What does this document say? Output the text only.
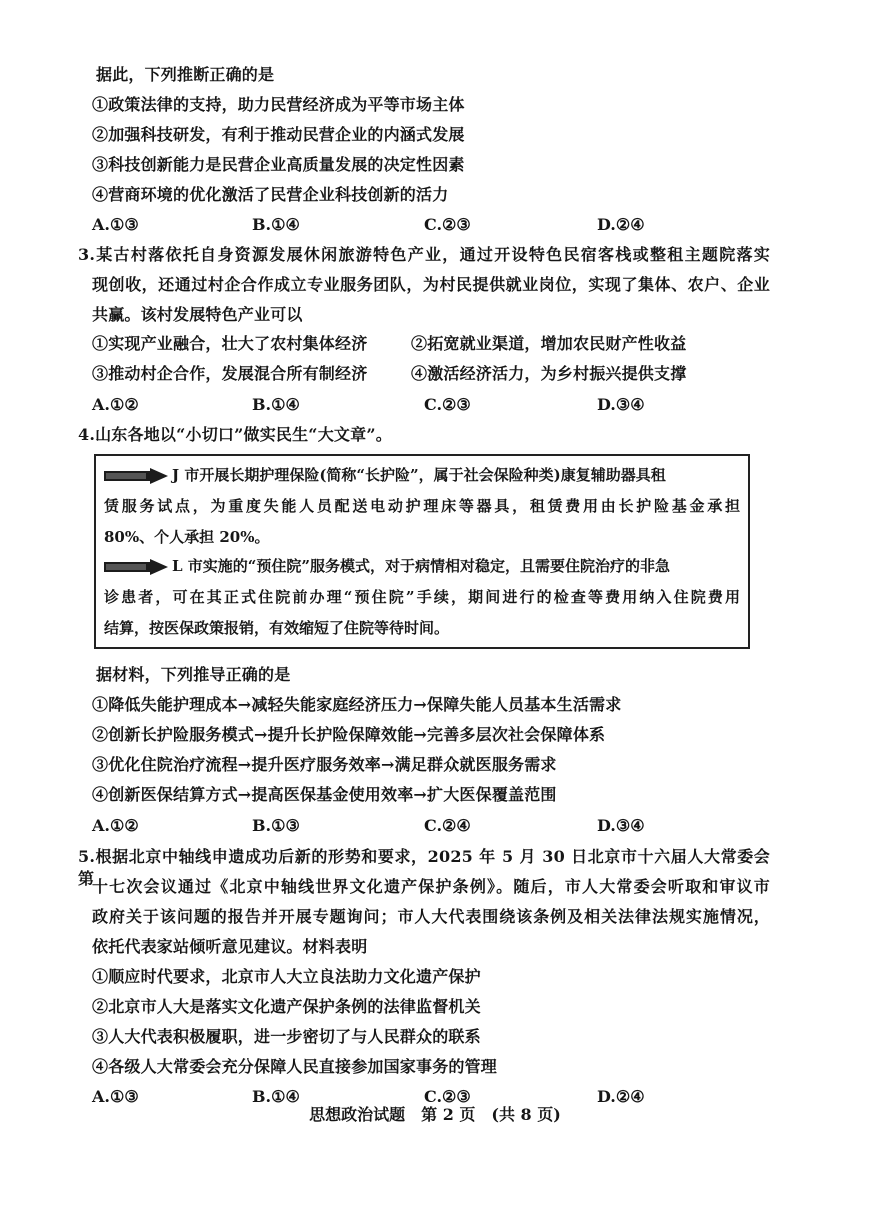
据此，下列推断正确的是
①政策法律的支持，助力民营经济成为平等市场主体
②加强科技研发，有利于推动民营企业的内涵式发展
③科技创新能力是民营企业高质量发展的决定性因素
④营商环境的优化激活了民营企业科技创新的活力
A.①③	B.①④	C.②③	D.②④
3.某古村落依托自身资源发展休闲旅游特色产业，通过开设特色民宿客栈或整租主题院落实
现创收，还通过村企合作成立专业服务团队，为村民提供就业岗位，实现了集体、农户、企业
共赢。该村发展特色产业可以
①实现产业融合，壮大了农村集体经济	②拓宽就业渠道，增加农民财产性收益
③推动村企合作，发展混合所有制经济	④激活经济活力，为乡村振兴提供支撑
A.①②	B.①④	C.②③	D.③④
4.山东各地以“小切口”做实民生“大文章”。
J 市开展长期护理保险(简称“长护险”，属于社会保险种类)康复辅助器具租
赁服务试点，为重度失能人员配送电动护理床等器具，租赁费用由长护险基金承担
80%、个人承担 20%。
L 市实施的“预住院”服务模式，对于病情相对稳定，且需要住院治疗的非急
诊患者，可在其正式住院前办理“预住院”手续，期间进行的检查等费用纳入住院费用
结算，按医保政策报销，有效缩短了住院等待时间。
据材料，下列推导正确的是
①降低失能护理成本→减轻失能家庭经济压力→保障失能人员基本生活需求
②创新长护险服务模式→提升长护险保障效能→完善多层次社会保障体系
③优化住院治疗流程→提升医疗服务效率→满足群众就医服务需求
④创新医保结算方式→提高医保基金使用效率→扩大医保覆盖范围
A.①②	B.①③	C.②④	D.③④
5.根据北京中轴线申遗成功后新的形势和要求，2025 年 5 月 30 日北京市十六届人大常委会第
十七次会议通过《北京中轴线世界文化遗产保护条例》。随后，市人大常委会听取和审议市
政府关于该问题的报告并开展专题询问；市人大代表围绕该条例及相关法律法规实施情况，
依托代表家站倾听意见建议。材料表明
①顺应时代要求，北京市人大立良法助力文化遗产保护
②北京市人大是落实文化遗产保护条例的法律监督机关
③人大代表积极履职，进一步密切了与人民群众的联系
④各级人大常委会充分保障人民直接参加国家事务的管理
A.①③	B.①④	C.②③	D.②④
思想政治试题　第 2 页　(共 8 页)
